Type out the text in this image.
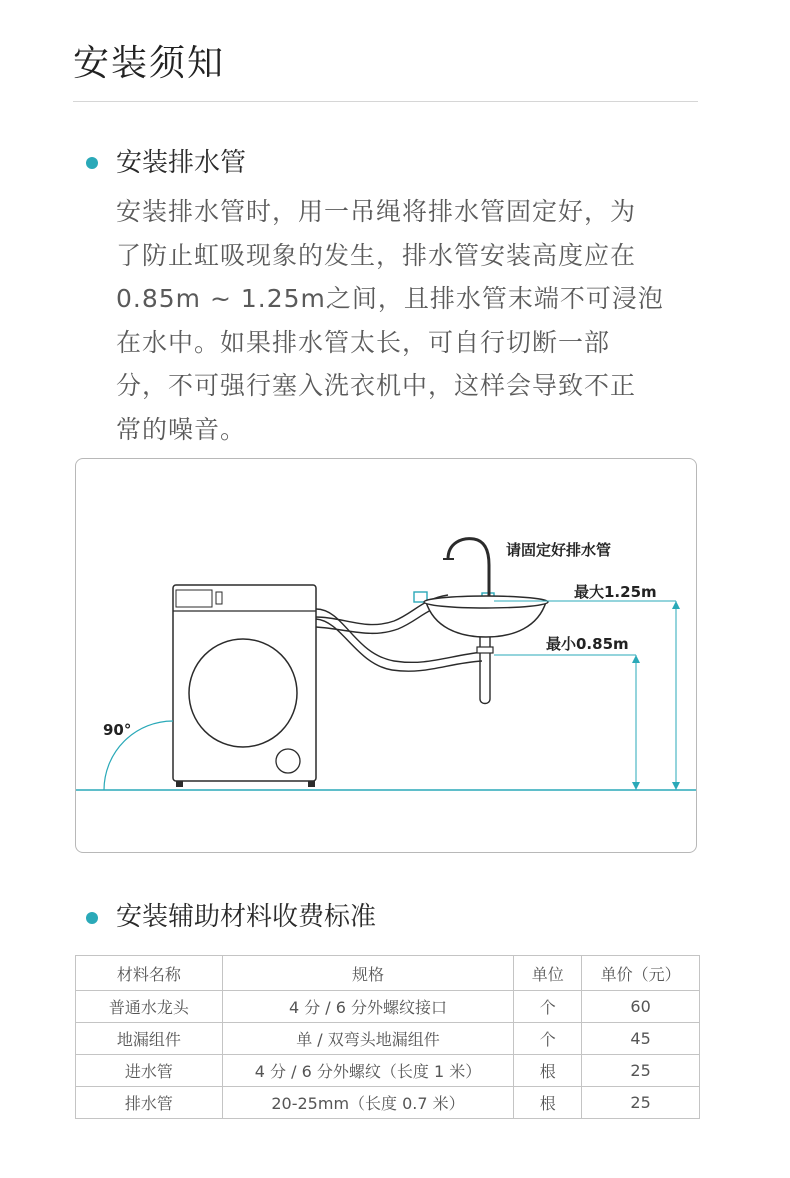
安装须知
安装排水管
安装排水管时，用一吊绳将排水管固定好，为
了防止虹吸现象的发生，排水管安装高度应在
0.85m ~ 1.25m之间，且排水管末端不可浸泡
在水中。如果排水管太长，可自行切断一部
分，不可强行塞入洗衣机中，这样会导致不正
常的噪音。
请固定好排水管
最大1.25m
最小0.85m
90°
安装辅助材料收费标准
材料名称	规格	单位	单价（元）
普通水龙头	4 分 / 6 分外螺纹接口	个	60
地漏组件	单 / 双弯头地漏组件	个	45
进水管	4 分 / 6 分外螺纹（长度 1 米）	根	25
排水管	20-25mm（长度 0.7 米）	根	25
